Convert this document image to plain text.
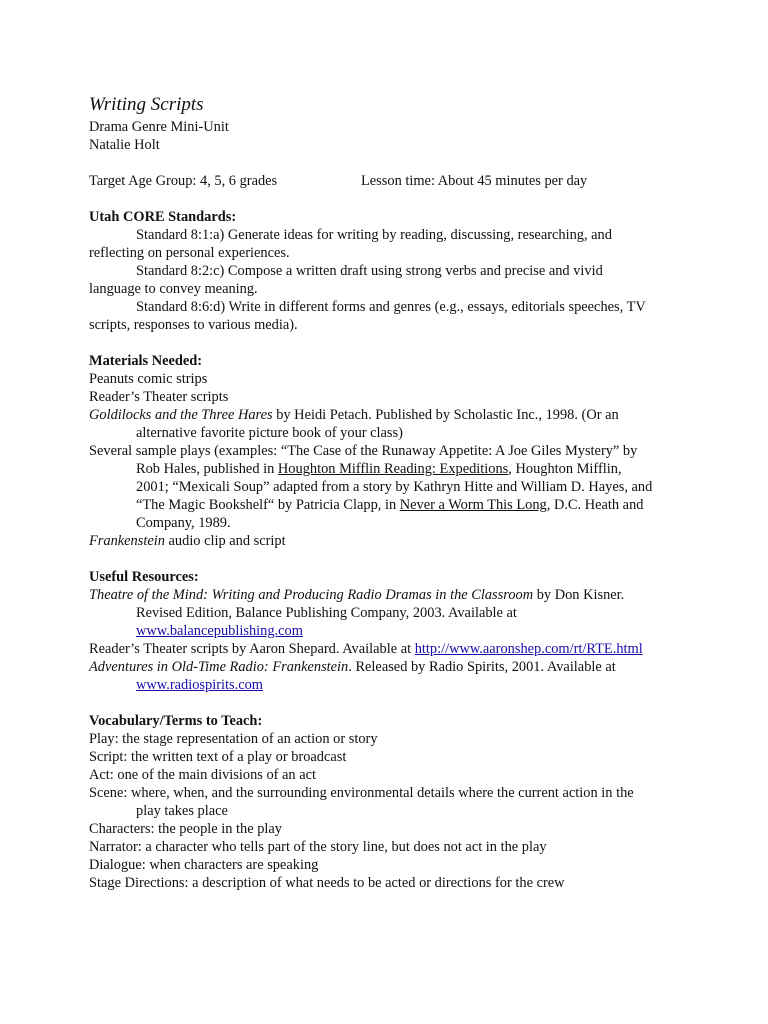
Writing Scripts

Drama Genre Mini-Unit

Natalie Holt

Target Age Group: 4, 5, 6 grades	Lesson time: About 45 minutes per day

Utah CORE Standards:

Standard 8:1:a) Generate ideas for writing by reading, discussing, researching, and

reflecting on personal experiences.

Standard 8:2:c) Compose a written draft using strong verbs and precise and vivid

language to convey meaning.

Standard 8:6:d) Write in different forms and genres (e.g., essays, editorials speeches, TV

scripts, responses to various media).

Materials Needed:

Peanuts comic strips

Reader’s Theater scripts

Goldilocks and the Three Hares by Heidi Petach. Published by Scholastic Inc., 1998. (Or an

alternative favorite picture book of your class)

Several sample plays (examples: “The Case of the Runaway Appetite: A Joe Giles Mystery” by

Rob Hales, published in Houghton Mifflin Reading: Expeditions, Houghton Mifflin,

2001; “Mexicali Soup” adapted from a story by Kathryn Hitte and William D. Hayes, and

“The Magic Bookshelf“ by Patricia Clapp, in Never a Worm This Long, D.C. Heath and

Company, 1989.

Frankenstein audio clip and script

Useful Resources:

Theatre of the Mind: Writing and Producing Radio Dramas in the Classroom by Don Kisner.

Revised Edition, Balance Publishing Company, 2003. Available at

www.balancepublishing.com

Reader’s Theater scripts by Aaron Shepard. Available at http://www.aaronshep.com/rt/RTE.html

Adventures in Old-Time Radio: Frankenstein. Released by Radio Spirits, 2001. Available at

www.radiospirits.com

Vocabulary/Terms to Teach:

Play: the stage representation of an action or story

Script: the written text of a play or broadcast

Act: one of the main divisions of an act

Scene: where, when, and the surrounding environmental details where the current action in the

play takes place

Characters: the people in the play

Narrator: a character who tells part of the story line, but does not act in the play

Dialogue: when characters are speaking

Stage Directions: a description of what needs to be acted or directions for the crew
